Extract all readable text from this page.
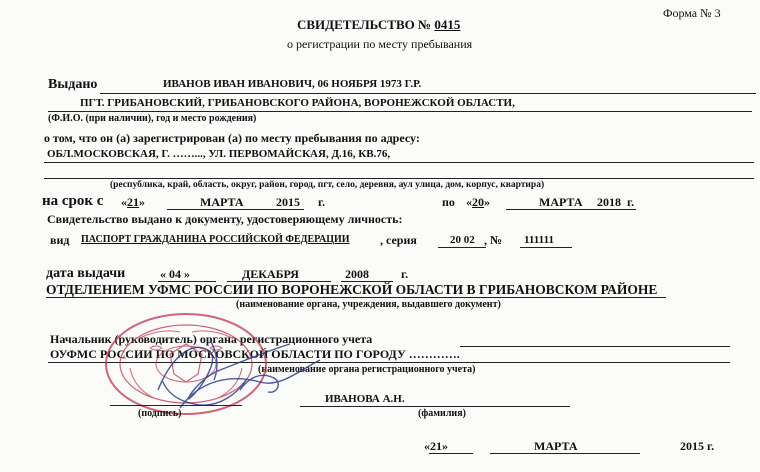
Форма № 3
СВИДЕТЕЛЬСТВО № 0415
о регистрации по месту пребывания
Выдано	ИВАНОВ ИВАН ИВАНОВИЧ, 06 НОЯБРЯ 1973 Г.Р.
ПГТ. ГРИБАНОВСКИЙ, ГРИБАНОВСКОГО РАЙОНА, ВОРОНЕЖСКОЙ ОБЛАСТИ,
(Ф.И.О. (при наличии), год и место рождения)
о том, что он (а) зарегистрирован (а) по месту пребывания по адресу:
ОБЛ.МОСКОВСКАЯ, Г. ……..., УЛ. ПЕРВОМАЙСКАЯ, Д.16, КВ.76,
(республика, край, область, округ, район, город, пгт, село, деревня, аул улица, дом, корпус, квартира)
на срок с «21»	МАРТА	2015 г.	по «20»	МАРТА 2018 г.
Свидетельство выдано к документу, удостоверяющему личность:
вид ПАСПОРТ ГРАЖДАНИНА РОССИЙСКОЙ ФЕДЕРАЦИИ	, серия	20 02 , № 111111
дата выдачи	« 04 »	ДЕКАБРЯ	2008	г.
ОТДЕЛЕНИЕМ УФМС РОССИИ ПО ВОРОНЕЖСКОЙ ОБЛАСТИ В ГРИБАНОВСКОМ РАЙОНЕ
(наименование органа, учреждения, выдавшего документ)
Начальник (руководитель) органа регистрационного учета
ОУФМС РОССИИ ПО МОСКОВСКОЙ ОБЛАСТИ ПО ГОРОДУ ………….
(наименование органа регистрационного учета)
(подпись)
ИВАНОВА А.Н.
(фамилия)
«21»	МАРТА	2015 г.
